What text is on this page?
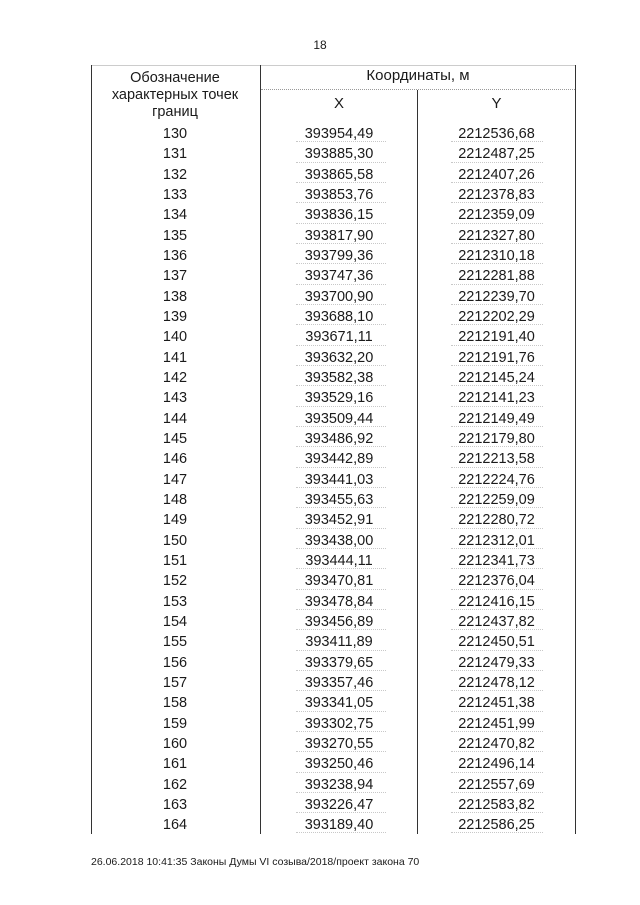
18
Обозначение характерных точек границ
Координаты, м
X	Y
130	393954,49	2212536,68
131	393885,30	2212487,25
132	393865,58	2212407,26
133	393853,76	2212378,83
134	393836,15	2212359,09
135	393817,90	2212327,80
136	393799,36	2212310,18
137	393747,36	2212281,88
138	393700,90	2212239,70
139	393688,10	2212202,29
140	393671,11	2212191,40
141	393632,20	2212191,76
142	393582,38	2212145,24
143	393529,16	2212141,23
144	393509,44	2212149,49
145	393486,92	2212179,80
146	393442,89	2212213,58
147	393441,03	2212224,76
148	393455,63	2212259,09
149	393452,91	2212280,72
150	393438,00	2212312,01
151	393444,11	2212341,73
152	393470,81	2212376,04
153	393478,84	2212416,15
154	393456,89	2212437,82
155	393411,89	2212450,51
156	393379,65	2212479,33
157	393357,46	2212478,12
158	393341,05	2212451,38
159	393302,75	2212451,99
160	393270,55	2212470,82
161	393250,46	2212496,14
162	393238,94	2212557,69
163	393226,47	2212583,82
164	393189,40	2212586,25
26.06.2018 10:41:35 Законы Думы VI созыва/2018/проект закона 70
